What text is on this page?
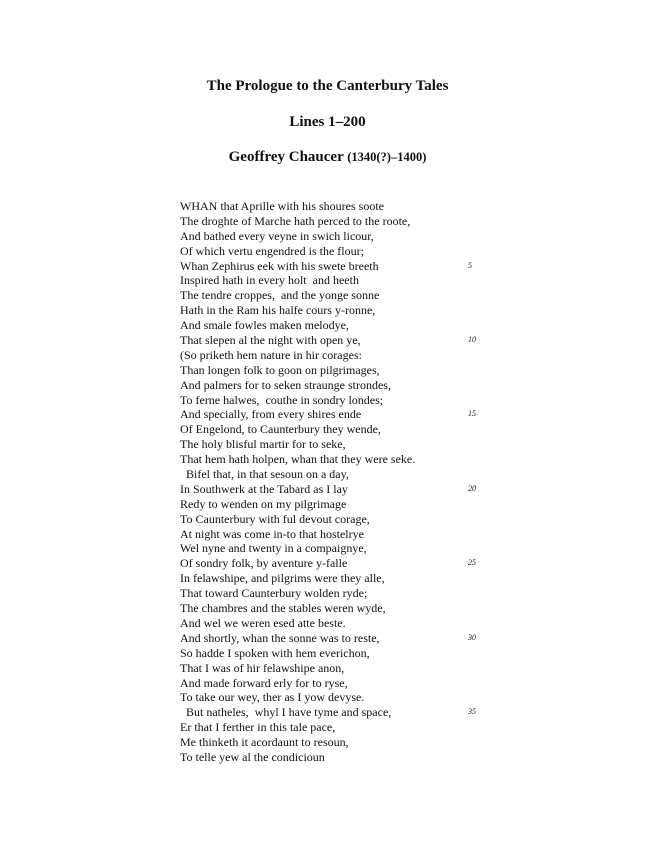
The Prologue to the Canterbury Tales
Lines 1–200
Geoffrey Chaucer (1340(?)–1400)
WHAN that Aprille with his shoures soote
The droghte of Marche hath perced to the roote,
And bathed every veyne in swich licour,
Of which vertu engendred is the flour;
Whan Zephirus eek with his swete breeth	5
Inspired hath in every holt  and heeth
The tendre croppes,  and the yonge sonne
Hath in the Ram his halfe cours y-ronne,
And smale fowles maken melodye,
That slepen al the night with open ye,	10
(So priketh hem nature in hir corages:
Than longen folk to goon on pilgrimages,
And palmers for to seken straunge strondes,
To ferne halwes,  couthe in sondry londes;
And specially, from every shires ende	15
Of Engelond, to Caunterbury they wende,
The holy blisful martir for to seke,
That hem hath holpen, whan that they were seke.
Bifel that, in that sesoun on a day,
In Southwerk at the Tabard as I lay	20
Redy to wenden on my pilgrimage
To Caunterbury with ful devout corage,
At night was come in-to that hostelrye
Wel nyne and twenty in a compaignye,
Of sondry folk, by aventure y-falle	25
In felawshipe, and pilgrims were they alle,
That toward Caunterbury wolden ryde;
The chambres and the stables weren wyde,
And wel we weren esed atte beste.
And shortly, whan the sonne was to reste,	30
So hadde I spoken with hem everichon,
That I was of hir felawshipe anon,
And made forward erly for to ryse,
To take our wey, ther as I yow devyse.
But natheles,  whyl I have tyme and space,	35
Er that I ferther in this tale pace,
Me thinketh it acordaunt to resoun,
To telle yew al the condicioun
